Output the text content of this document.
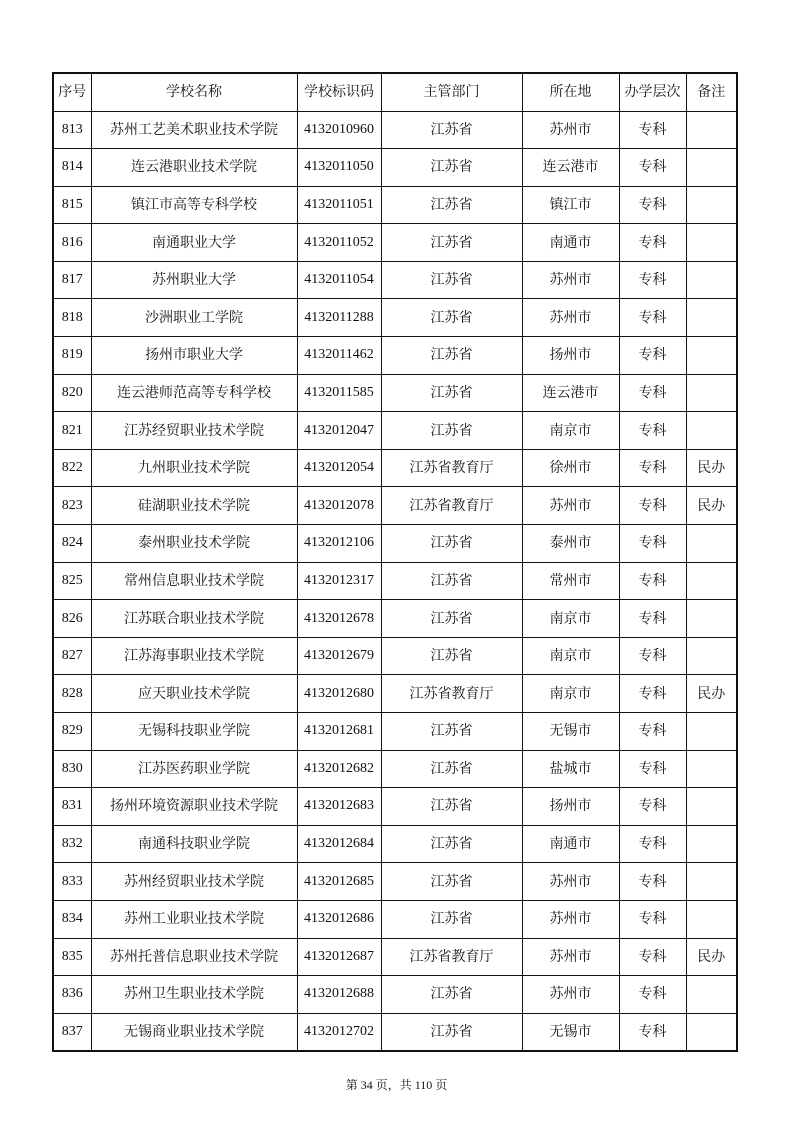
序号	学校名称	学校标识码	主管部门	所在地	办学层次	备注
813	苏州工艺美术职业技术学院	4132010960	江苏省	苏州市	专科	
814	连云港职业技术学院	4132011050	江苏省	连云港市	专科	
815	镇江市高等专科学校	4132011051	江苏省	镇江市	专科	
816	南通职业大学	4132011052	江苏省	南通市	专科	
817	苏州职业大学	4132011054	江苏省	苏州市	专科	
818	沙洲职业工学院	4132011288	江苏省	苏州市	专科	
819	扬州市职业大学	4132011462	江苏省	扬州市	专科	
820	连云港师范高等专科学校	4132011585	江苏省	连云港市	专科	
821	江苏经贸职业技术学院	4132012047	江苏省	南京市	专科	
822	九州职业技术学院	4132012054	江苏省教育厅	徐州市	专科	民办
823	硅湖职业技术学院	4132012078	江苏省教育厅	苏州市	专科	民办
824	泰州职业技术学院	4132012106	江苏省	泰州市	专科	
825	常州信息职业技术学院	4132012317	江苏省	常州市	专科	
826	江苏联合职业技术学院	4132012678	江苏省	南京市	专科	
827	江苏海事职业技术学院	4132012679	江苏省	南京市	专科	
828	应天职业技术学院	4132012680	江苏省教育厅	南京市	专科	民办
829	无锡科技职业学院	4132012681	江苏省	无锡市	专科	
830	江苏医药职业学院	4132012682	江苏省	盐城市	专科	
831	扬州环境资源职业技术学院	4132012683	江苏省	扬州市	专科	
832	南通科技职业学院	4132012684	江苏省	南通市	专科	
833	苏州经贸职业技术学院	4132012685	江苏省	苏州市	专科	
834	苏州工业职业技术学院	4132012686	江苏省	苏州市	专科	
835	苏州托普信息职业技术学院	4132012687	江苏省教育厅	苏州市	专科	民办
836	苏州卫生职业技术学院	4132012688	江苏省	苏州市	专科	
837	无锡商业职业技术学院	4132012702	江苏省	无锡市	专科	
第 34 页，共 110 页
